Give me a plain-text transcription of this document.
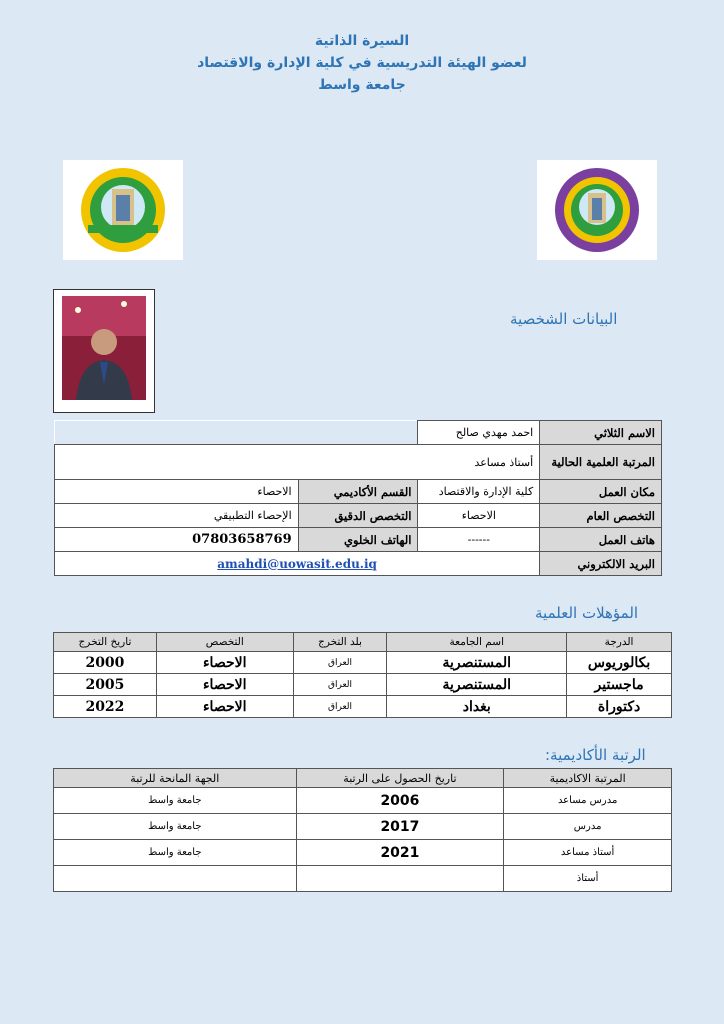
السيرة الذاتية
لعضو الهيئة التدريسية في كلية الإدارة والاقتصاد
جامعة واسط
البيانات الشخصية
الاسم الثلاثي	احمد مهدي صالح		
المرتبة العلمية الحالية	أستاذ مساعد		
مكان العمل	كلية الإدارة والاقتصاد	القسم الأكاديمي	الاحصاء
التخصص العام	الاحصاء	التخصص الدقيق	الإحصاء التطبيقي
هاتف العمل	------	الهاتف الخلوي	07803658769
البريد الالكتروني	amahdi@uowasit.edu.iq		
المؤهلات العلمية
الدرجة	اسم الجامعة	بلد التخرج	التخصص	تاريخ التخرج
بكالوريوس	المستنصرية	العراق	الاحصاء	2000
ماجستير	المستنصرية	العراق	الاحصاء	2005
دكتوراة	بغداد	العراق	الاحصاء	2022
الرتبة الأكاديمية:
المرتبة الاكاديمية	تاريخ الحصول على الرتبة	الجهة المانحة للرتبة
مدرس مساعد	2006	جامعة واسط
مدرس	2017	جامعة واسط
أستاذ مساعد	2021	جامعة واسط
أستاذ		
